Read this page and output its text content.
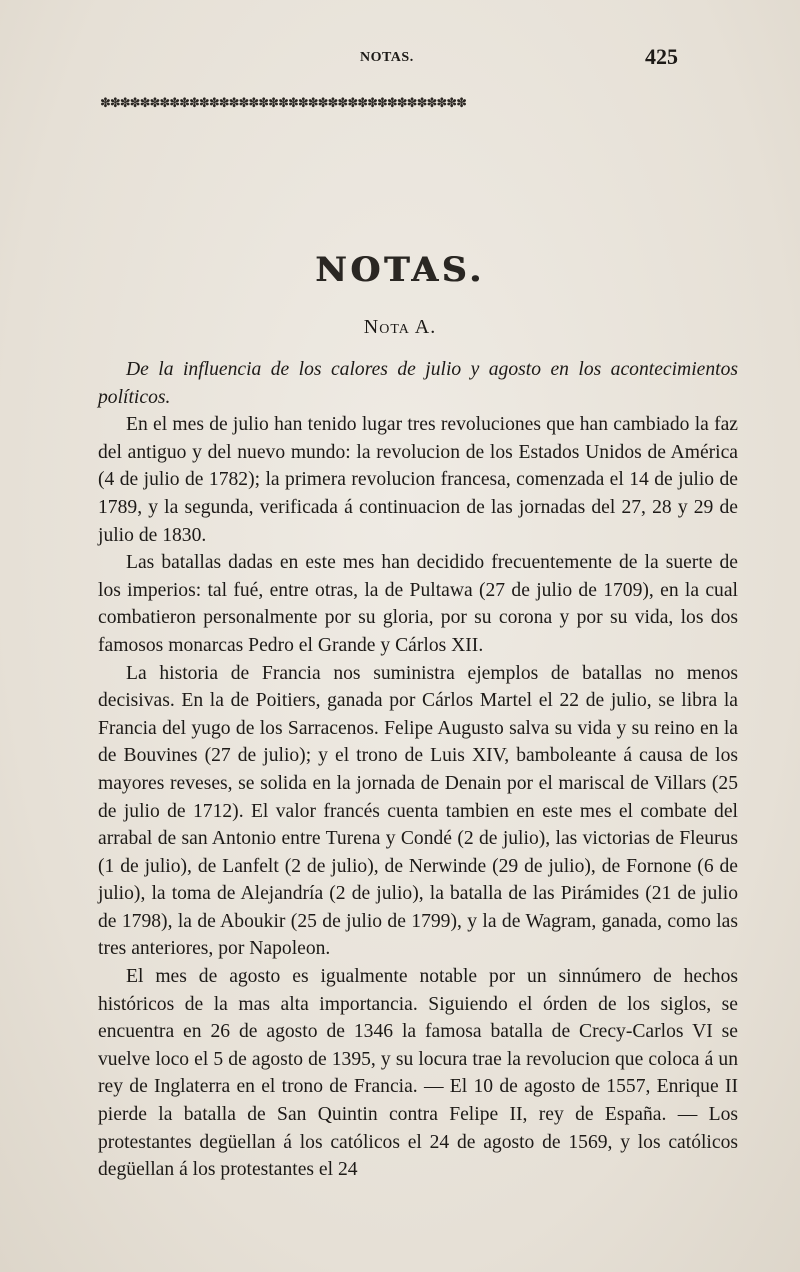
NOTAS.	425
✽✽✽✽✽✽✽✽✽✽✽✽✽✽✽✽✽✽✽✽✽✽✽✽✽✽✽✽✽✽✽✽✽✽✽✽✽
NOTAS.
Nota A.

De la influencia de los calores de julio y agosto en los acontecimientos políticos.

En el mes de julio han tenido lugar tres revoluciones que han cambiado la faz del antiguo y del nuevo mundo: la revolucion de los Estados Unidos de América (4 de julio de 1782); la primera revolucion francesa, comenzada el 14 de julio de 1789, y la segunda, verificada á continuacion de las jornadas del 27, 28 y 29 de julio de 1830.

Las batallas dadas en este mes han decidido frecuentemente de la suerte de los imperios: tal fué, entre otras, la de Pultawa (27 de julio de 1709), en la cual combatieron personalmente por su gloria, por su corona y por su vida, los dos famosos monarcas Pedro el Grande y Cárlos XII.

La historia de Francia nos suministra ejemplos de batallas no menos decisivas. En la de Poitiers, ganada por Cárlos Martel el 22 de julio, se libra la Francia del yugo de los Sarracenos. Felipe Augusto salva su vida y su reino en la de Bouvines (27 de julio); y el trono de Luis XIV, bamboleante á causa de los mayores reveses, se solida en la jornada de Denain por el mariscal de Villars (25 de julio de 1712). El valor francés cuenta tambien en este mes el combate del arrabal de san Antonio entre Turena y Condé (2 de julio), las victorias de Fleurus (1 de julio), de Lanfelt (2 de julio), de Nerwinde (29 de julio), de Fornone (6 de julio), la toma de Alejandría (2 de julio), la batalla de las Pirámides (21 de julio de 1798), la de Aboukir (25 de julio de 1799), y la de Wagram, ganada, como las tres anteriores, por Napoleon.

El mes de agosto es igualmente notable por un sinnúmero de hechos históricos de la mas alta importancia. Siguiendo el órden de los siglos, se encuentra en 26 de agosto de 1346 la famosa batalla de Crecy-Carlos VI se vuelve loco el 5 de agosto de 1395, y su locura trae la revolucion que coloca á un rey de Inglaterra en el trono de Francia. — El 10 de agosto de 1557, Enrique II pierde la batalla de San Quintin contra Felipe II, rey de España. — Los protestantes degüellan á los católicos el 24 de agosto de 1569, y los católicos degüellan á los protestantes el 24
